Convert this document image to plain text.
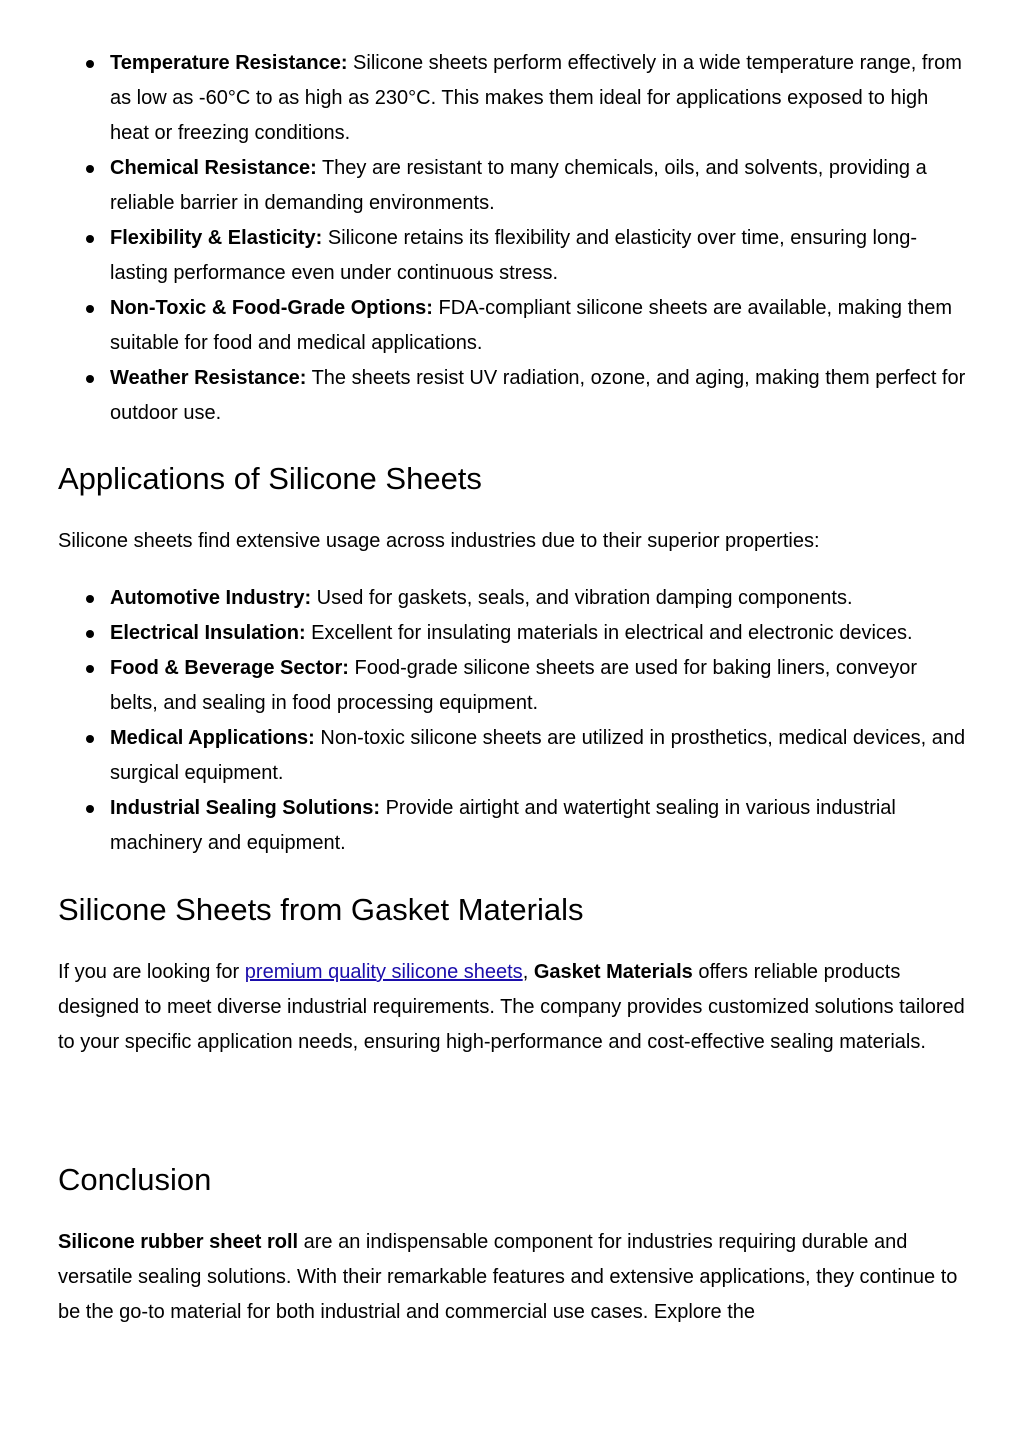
Temperature Resistance: Silicone sheets perform effectively in a wide temperature range, from as low as -60°C to as high as 230°C. This makes them ideal for applications exposed to high heat or freezing conditions.
Chemical Resistance: They are resistant to many chemicals, oils, and solvents, providing a reliable barrier in demanding environments.
Flexibility & Elasticity: Silicone retains its flexibility and elasticity over time, ensuring long-lasting performance even under continuous stress.
Non-Toxic & Food-Grade Options: FDA-compliant silicone sheets are available, making them suitable for food and medical applications.
Weather Resistance: The sheets resist UV radiation, ozone, and aging, making them perfect for outdoor use.
Applications of Silicone Sheets

Silicone sheets find extensive usage across industries due to their superior properties:

Automotive Industry: Used for gaskets, seals, and vibration damping components.
Electrical Insulation: Excellent for insulating materials in electrical and electronic devices.
Food & Beverage Sector: Food-grade silicone sheets are used for baking liners, conveyor belts, and sealing in food processing equipment.
Medical Applications: Non-toxic silicone sheets are utilized in prosthetics, medical devices, and surgical equipment.
Industrial Sealing Solutions: Provide airtight and watertight sealing in various industrial machinery and equipment.
Silicone Sheets from Gasket Materials

If you are looking for premium quality silicone sheets, Gasket Materials offers reliable products designed to meet diverse industrial requirements. The company provides customized solutions tailored to your specific application needs, ensuring high-performance and cost-effective sealing materials.

Conclusion

Silicone rubber sheet roll are an indispensable component for industries requiring durable and versatile sealing solutions. With their remarkable features and extensive applications, they continue to be the go-to material for both industrial and commercial use cases. Explore the
